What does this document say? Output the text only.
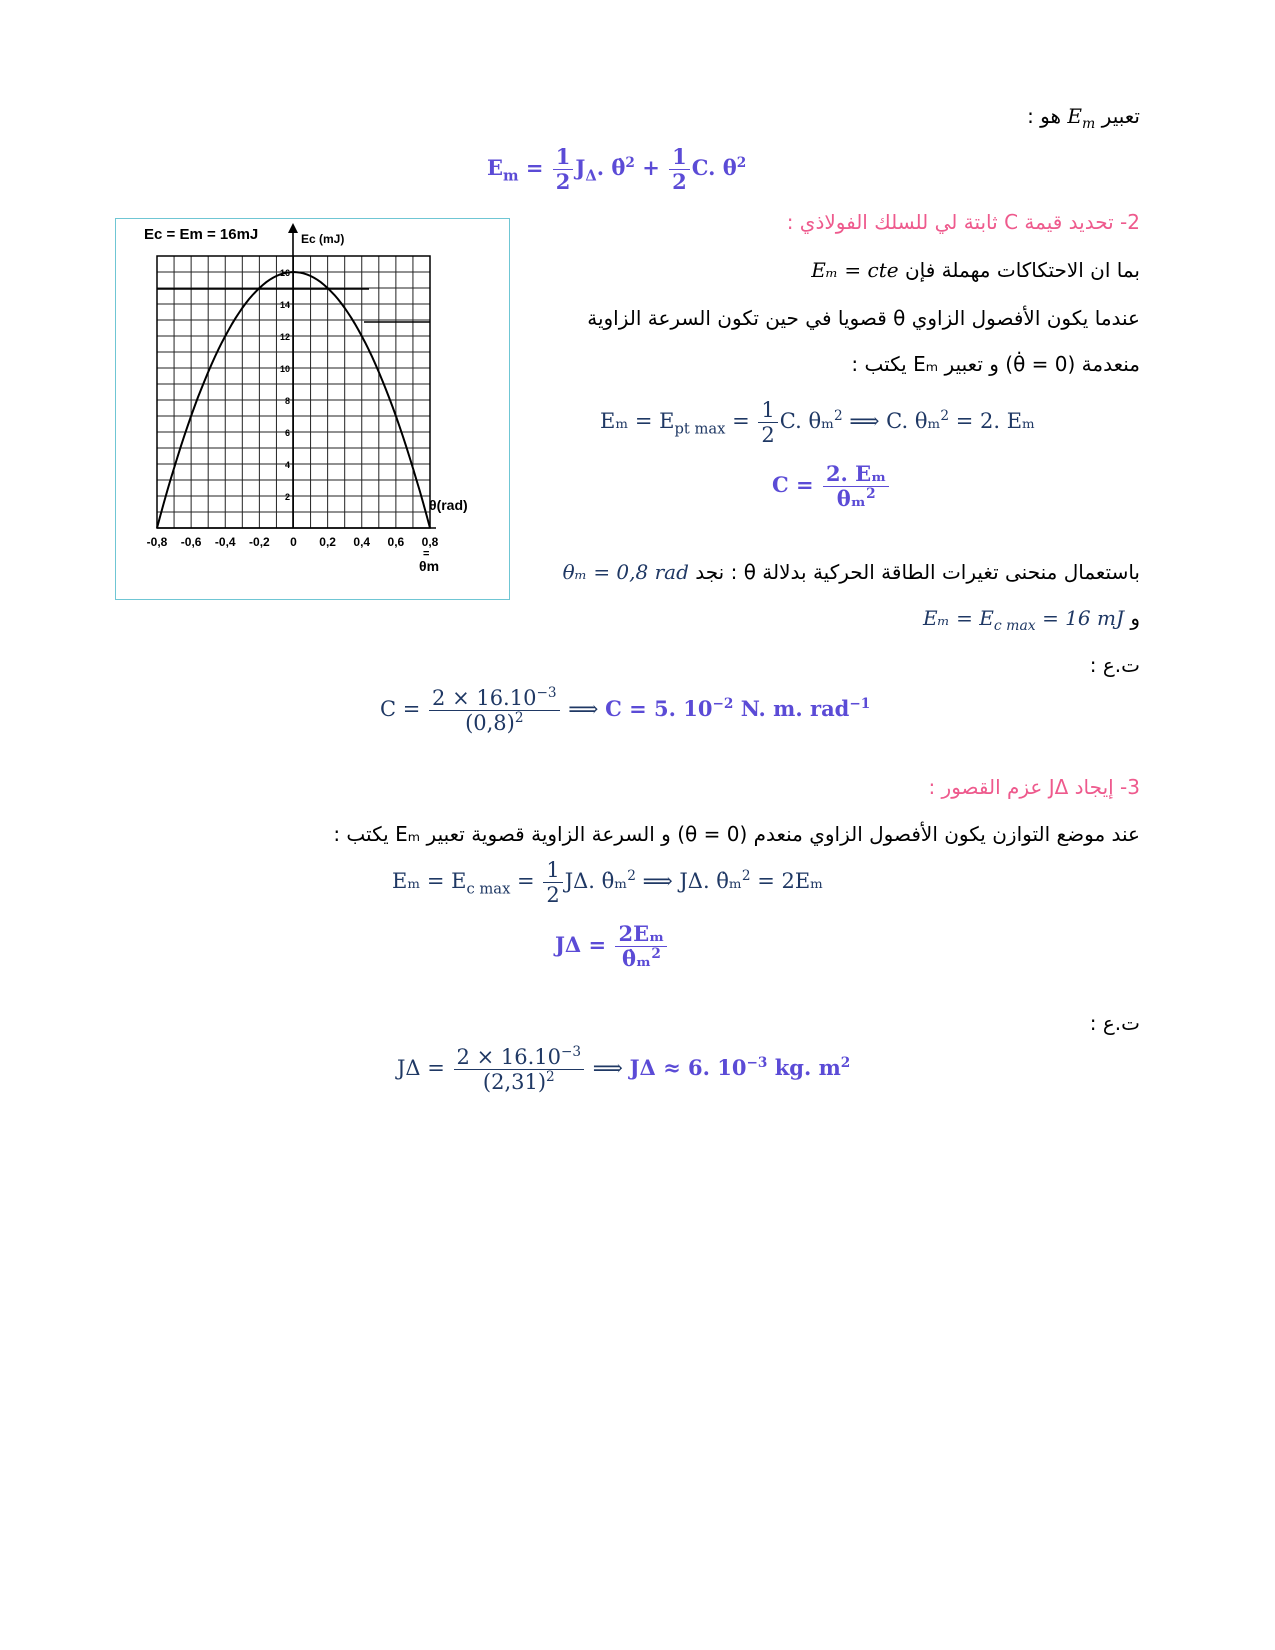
تعبير $E_m$ هو :
$E_m = \frac{1}{2} J_\Delta$. θ̇$^2$ + $\frac{1}{2} C$. $\theta^2$
2- تحديد قيمة C ثابتة لي للسلك الفولاذي :
بما ان الاحتكاكات مهملة فإن Eₘ = cte
عندما يكون الأفصول الزاوي θ قصويا في حين تكون السرعة الزاوية
منعدمة (θ̇ = 0) و تعبير Eₘ يكتب :
$E_m = E_{pt max} = \frac{1}{2} C$. θₘ$^2$ ⟹ C. θₘ$^2$ = 2. Eₘ
$C = \frac{\text{2. Eₘ}}{\theta_m^2}$
-0,8 -0,6 -0,4 -0,2 0 0,2 0,4 0,6 0,8
2
4
6
8
10
12
14
16
Ec = Em = 16mJ	Ec (mJ)
θ(rad)
=
θm	باستعمال منحنى تغيرات الطاقة الحركية بدلالة θ : نجد θₘ = 0,8 rad
و $E_m = E_{c max} = 16$ mJ
ت.ع :
$C = \frac{2 \times 16.10^{-3}}{(0,8)^2}$ ⟹ C = 5. $10^{-2}$ N. m. rad$^{-1}$
3- إيجاد JΔ عزم القصور :
عند موضع التوازن يكون الأفصول الزاوي منعدم (θ = 0) و السرعة الزاوية قصوية تعبير Eₘ يكتب :
$E_m = E_{c max} = \frac{1}{2} J\Delta$. θ̇ₘ$^2$ ⟹ JΔ. θ̇ₘ$^2$ = 2Eₘ
$J\Delta = \frac{\text{2Eₘ}}{\thetȧ_m^2}$
ت.ع :
$J\Delta = \frac{2 \times 16.10^{-3}}{(2,31)^2}$ ⟹ JΔ ≈ 6. $10^{-3}$ kg. $m^2$
